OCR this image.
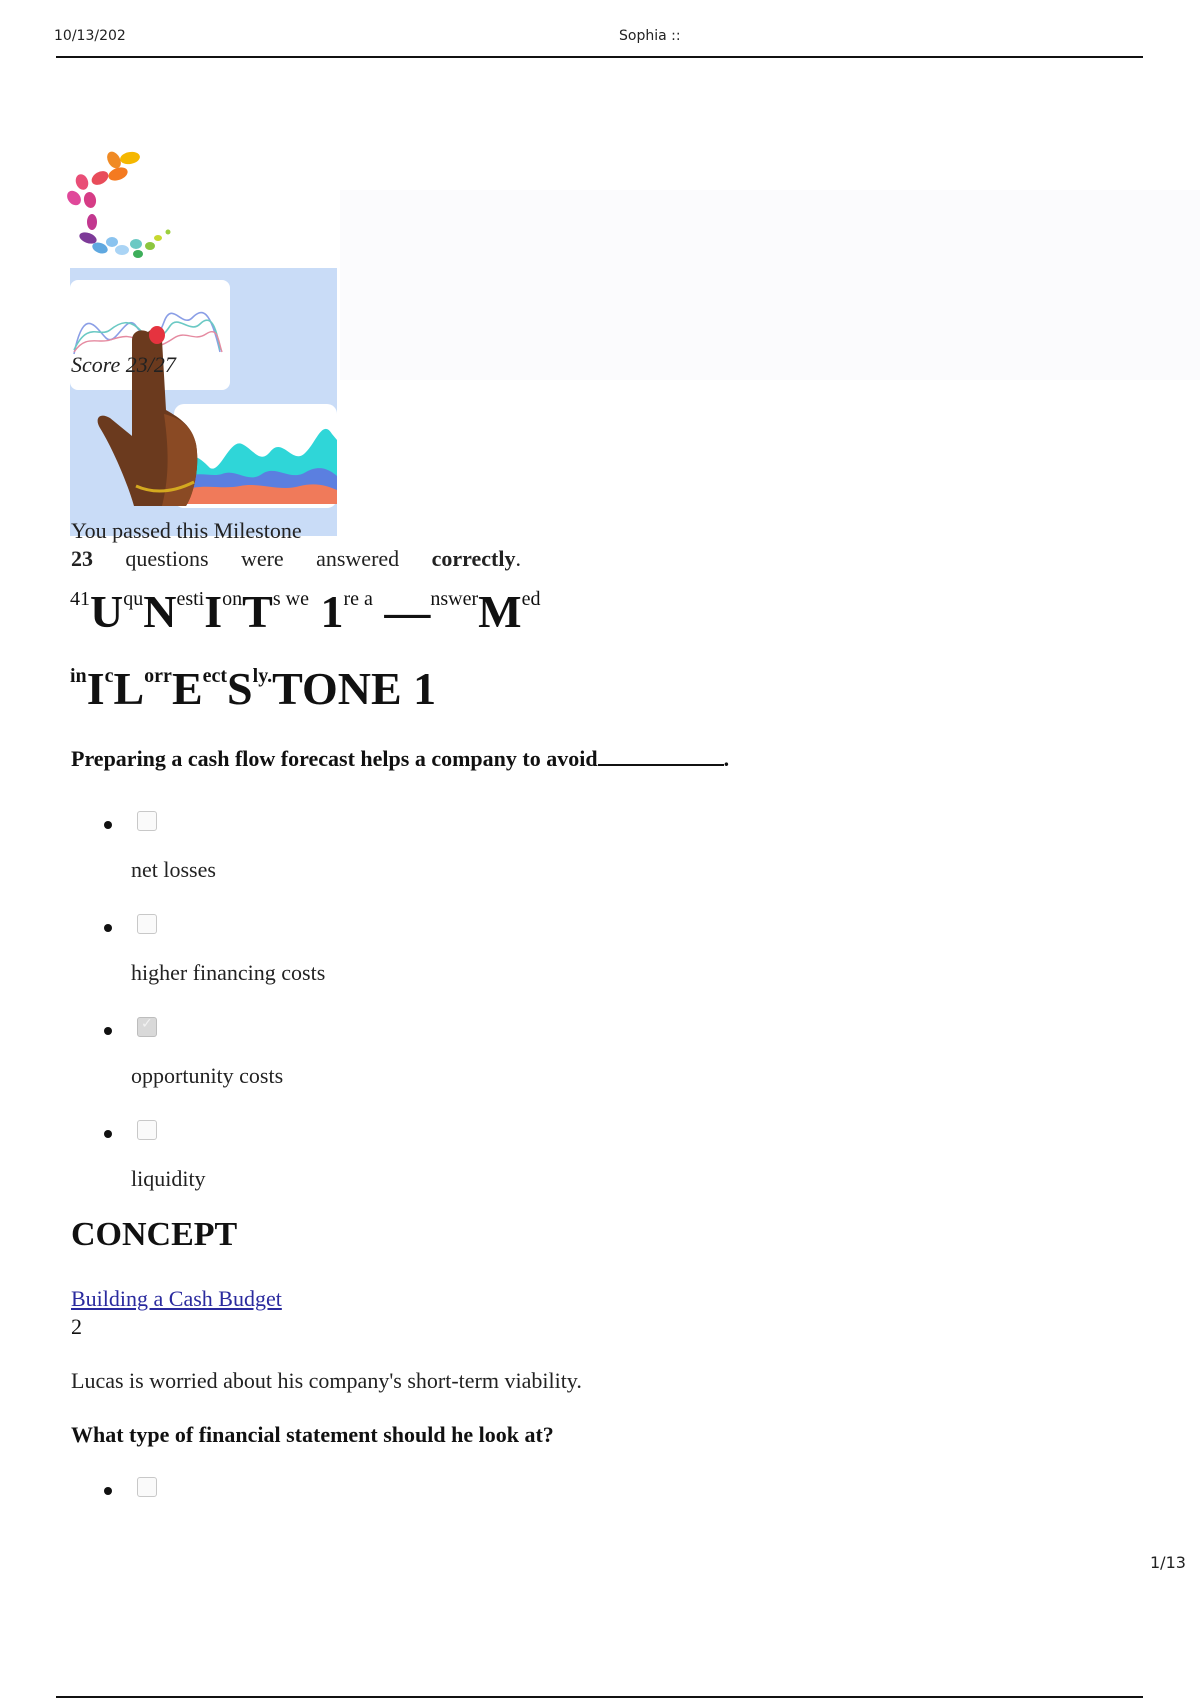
10/13/202	Sophia ::
Score 23/27
You passed this Milestone
23 questions were answered correctly.
$^{41}U^{qu}N^{esti}I^{on}T^{s we}$ $1^{re a}$ $—^{nswer}M^{ed}$
$^{in}I^cL^{orr}E^{ect}S^{ly.}TONE$ 1
Preparing a cash flow forecast helps a company to avoid	.
net losses
higher financing costs
✓
opportunity costs
liquidity
CONCEPT
Building a Cash Budget
2
Lucas is worried about his company's short-term viability.
What type of financial statement should he look at?
1/13
